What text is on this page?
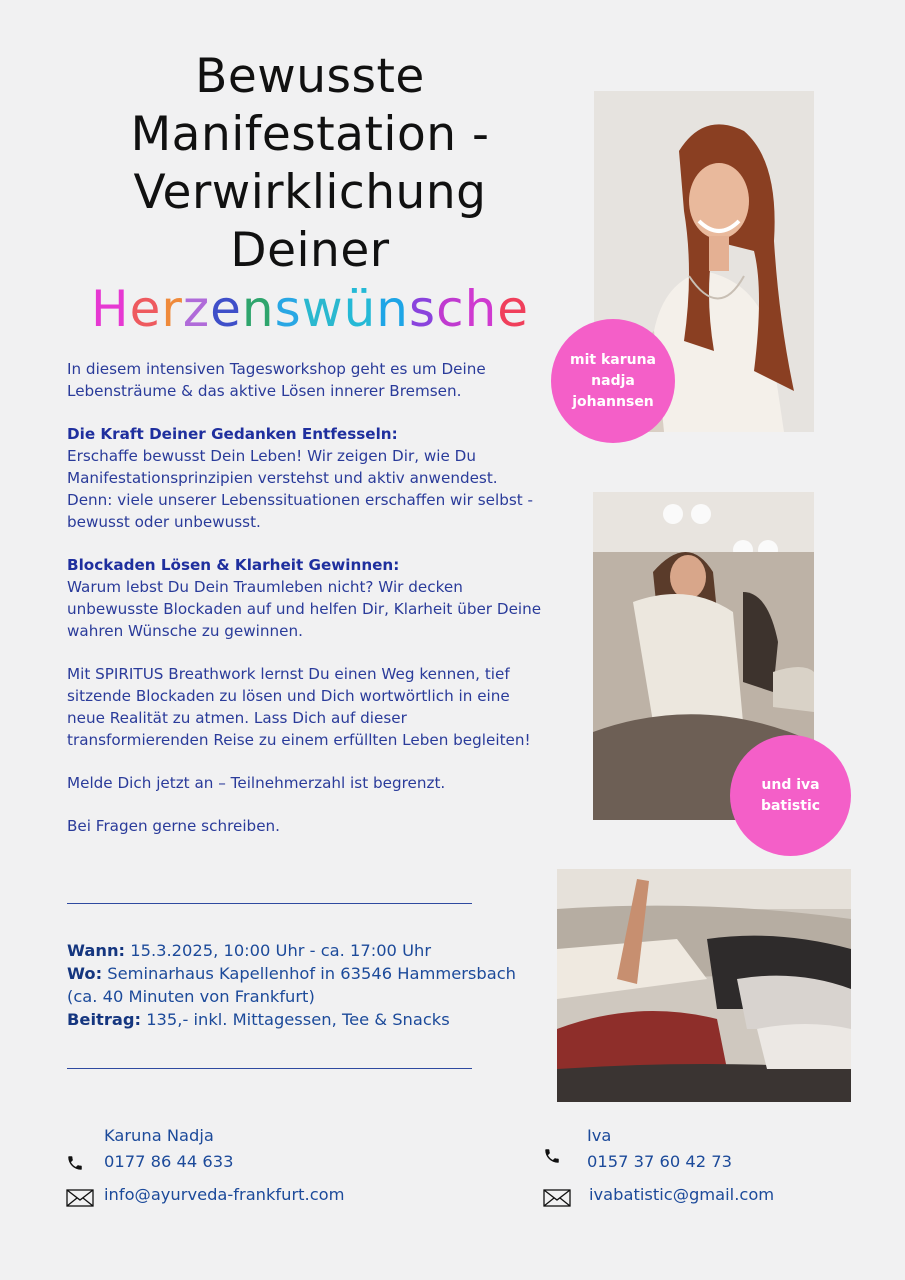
Bewusste
Manifestation -
Verwirklichung
Deiner
Herzenswünsche

In diesem intensiven Tagesworkshop geht es um Deine Lebensträume & das aktive Lösen innerer Bremsen.

Die Kraft Deiner Gedanken Entfesseln:
Erschaffe bewusst Dein Leben! Wir zeigen Dir, wie Du Manifestationsprinzipien verstehst und aktiv anwendest. Denn: viele unserer Lebenssituationen erschaffen wir selbst - bewusst oder unbewusst.

Blockaden Lösen & Klarheit Gewinnen:
Warum lebst Du Dein Traumleben nicht? Wir decken unbewusste Blockaden auf und helfen Dir, Klarheit über Deine wahren Wünsche zu gewinnen.

Mit SPIRITUS Breathwork lernst Du einen Weg kennen, tief sitzende Blockaden zu lösen und Dich wortwörtlich in eine neue Realität zu atmen. Lass Dich auf dieser transformierenden Reise zu einem erfüllten Leben begleiten!

Melde Dich jetzt an – Teilnehmerzahl ist begrenzt.

Bei Fragen gerne schreiben.

Wann: 15.3.2025, 10:00 Uhr - ca. 17:00 Uhr
Wo: Seminarhaus Kapellenhof in 63546 Hammersbach (ca. 40 Minuten von Frankfurt)
Beitrag: 135,- inkl. Mittagessen, Tee & Snacks
mit karuna nadja johannsen
und iva batistic
Karuna Nadja
0177 86 44 633
info@ayurveda-frankfurt.com
Iva
0157 37 60 42 73
ivabatistic@gmail.com
